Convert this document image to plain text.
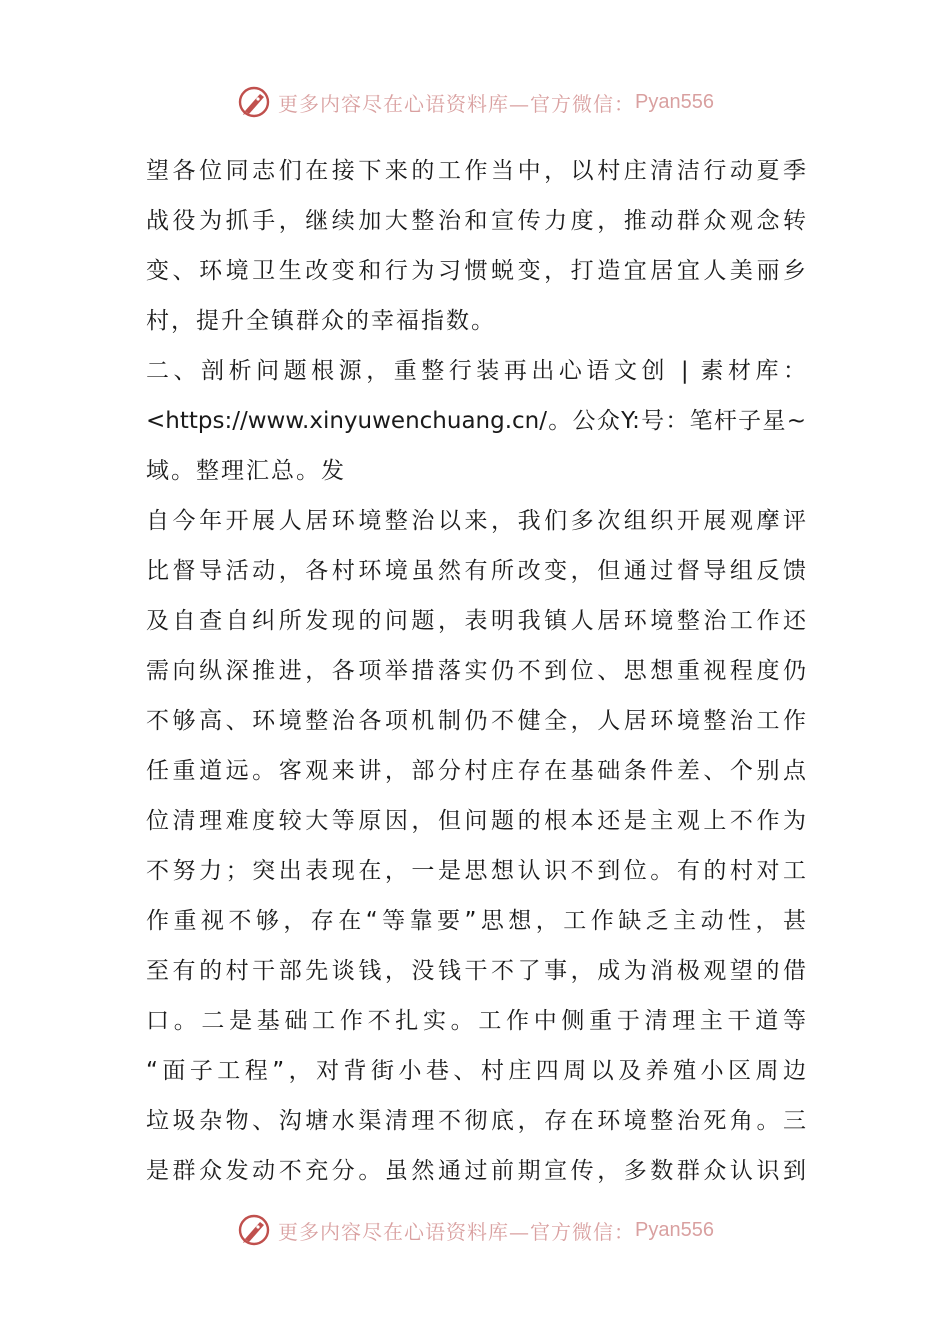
更多内容尽在心语资料库—官方微信： Pyan556
望各位同志们在接下来的工作当中，以村庄清洁行动夏季
战役为抓手，继续加大整治和宣传力度，推动群众观念转
变、环境卫生改变和行为习惯蜕变，打造宜居宜人美丽乡
村，提升全镇群众的幸福指数。
二、剖析问题根源，重整行装再出心语文创 | 素材库：
<https://www.xinyuwenchuang.cn/。公众Y:号：笔杆子星~
域。整理汇总。发
自今年开展人居环境整治以来，我们多次组织开展观摩评
比督导活动，各村环境虽然有所改变，但通过督导组反馈
及自查自纠所发现的问题，表明我镇人居环境整治工作还
需向纵深推进，各项举措落实仍不到位、思想重视程度仍
不够高、环境整治各项机制仍不健全，人居环境整治工作
任重道远。客观来讲，部分村庄存在基础条件差、个别点
位清理难度较大等原因，但问题的根本还是主观上不作为
不努力；突出表现在，一是思想认识不到位。有的村对工
作重视不够，存在“等靠要”思想，工作缺乏主动性，甚
至有的村干部先谈钱，没钱干不了事，成为消极观望的借
口。二是基础工作不扎实。工作中侧重于清理主干道等
“面子工程”，对背街小巷、村庄四周以及养殖小区周边
垃圾杂物、沟塘水渠清理不彻底，存在环境整治死角。三
是群众发动不充分。虽然通过前期宣传，多数群众认识到
更多内容尽在心语资料库—官方微信： Pyan556
